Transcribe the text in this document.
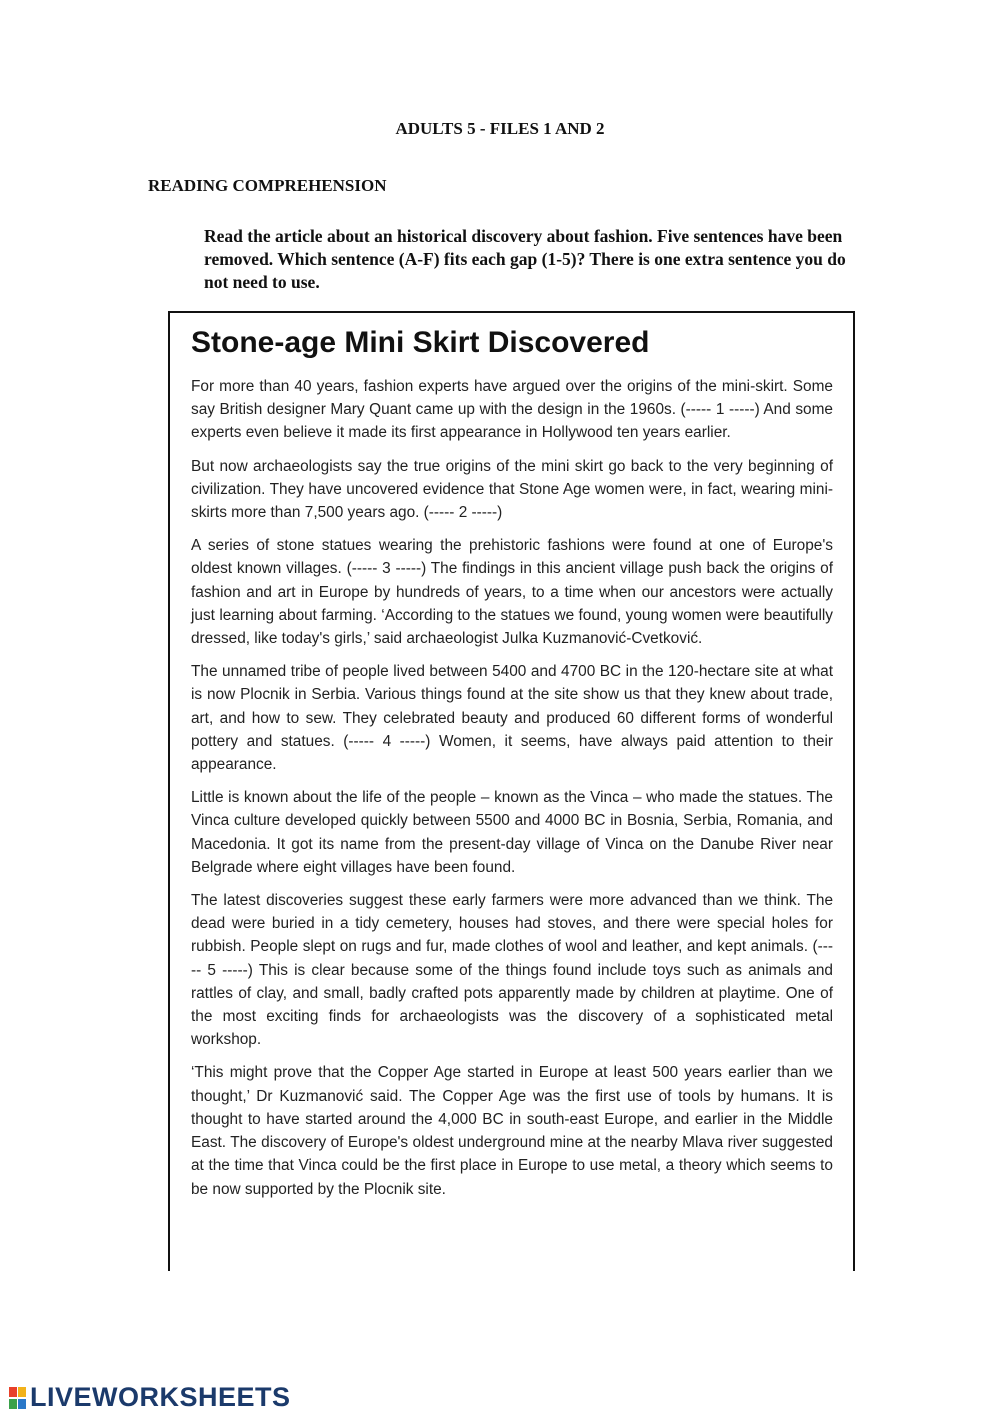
ADULTS 5 - FILES 1 AND 2
READING COMPREHENSION
Read the article about an historical discovery about fashion. Five sentences have been removed. Which sentence (A-F) fits each gap (1-5)? There is one extra sentence you do not need to use.
Stone-age Mini Skirt Discovered

For more than 40 years, fashion experts have argued over the origins of the mini-skirt. Some say British designer Mary Quant came up with the design in the 1960s. (----- 1 -----) And some experts even believe it made its first appearance in Hollywood ten years earlier.

But now archaeologists say the true origins of the mini skirt go back to the very beginning of civilization. They have uncovered evidence that Stone Age women were, in fact, wearing mini-skirts more than 7,500 years ago. (----- 2 -----)

A series of stone statues wearing the prehistoric fashions were found at one of Europe's oldest known villages. (----- 3 -----) The findings in this ancient village push back the origins of fashion and art in Europe by hundreds of years, to a time when our ancestors were actually just learning about farming. ‘According to the statues we found, young women were beautifully dressed, like today's girls,’ said archaeologist Julka Kuzmanović-Cvetković.

The unnamed tribe of people lived between 5400 and 4700 BC in the 120-hectare site at what is now Plocnik in Serbia. Various things found at the site show us that they knew about trade, art, and how to sew. They celebrated beauty and produced 60 different forms of wonderful pottery and statues. (----- 4 -----) Women, it seems, have always paid attention to their appearance.

Little is known about the life of the people – known as the Vinca – who made the statues. The Vinca culture developed quickly between 5500 and 4000 BC in Bosnia, Serbia, Romania, and Macedonia. It got its name from the present-day village of Vinca on the Danube River near Belgrade where eight villages have been found.

The latest discoveries suggest these early farmers were more advanced than we think. The dead were buried in a tidy cemetery, houses had stoves, and there were special holes for rubbish. People slept on rugs and fur, made clothes of wool and leather, and kept animals. (----- 5 -----) This is clear because some of the things found include toys such as animals and rattles of clay, and small, badly crafted pots apparently made by children at playtime. One of the most exciting finds for archaeologists was the discovery of a sophisticated metal workshop.

‘This might prove that the Copper Age started in Europe at least 500 years earlier than we thought,’ Dr Kuzmanović said. The Copper Age was the first use of tools by humans. It is thought to have started around the 4,000 BC in south-east Europe, and earlier in the Middle East. The discovery of Europe's oldest underground mine at the nearby Mlava river suggested at the time that Vinca could be the first place in Europe to use metal, a theory which seems to be now supported by the Plocnik site.

LIVEWORKSHEETS
